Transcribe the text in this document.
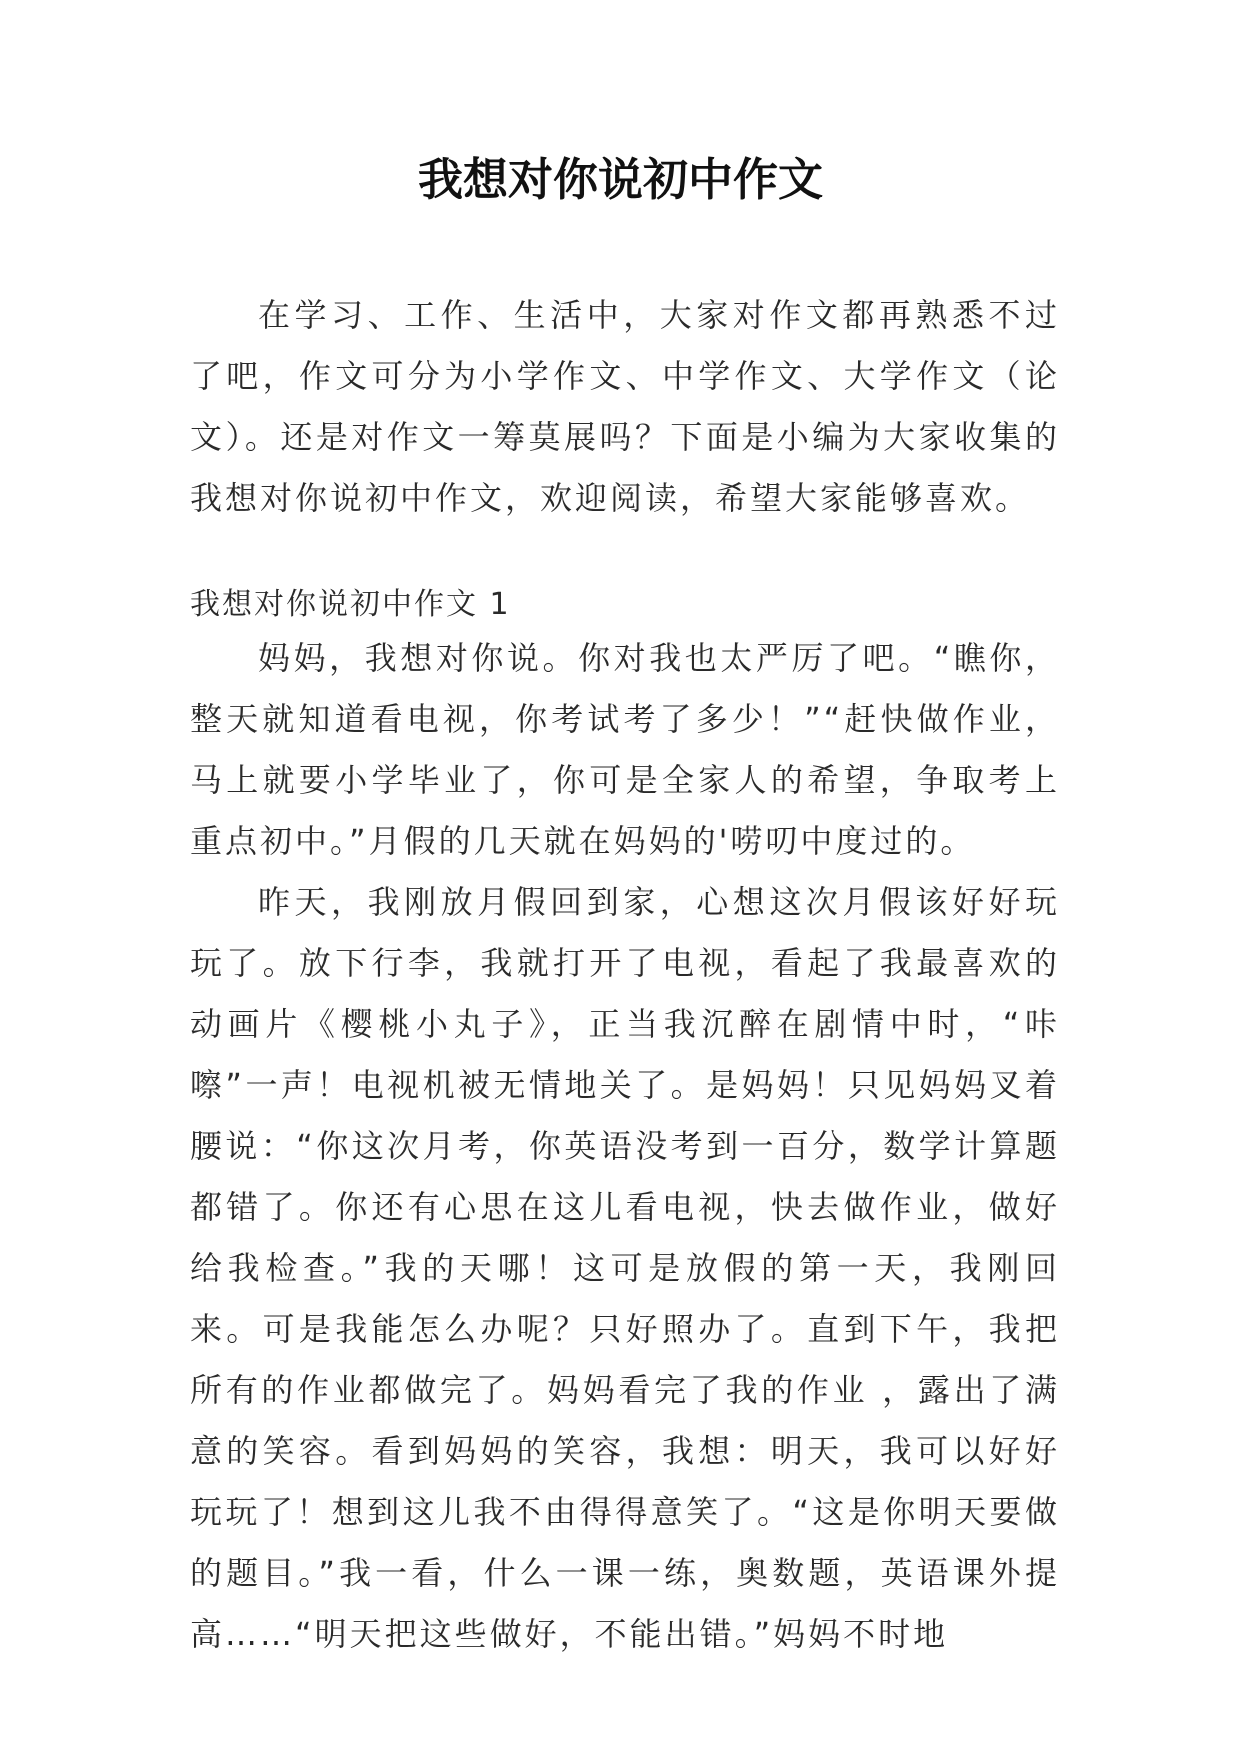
我想对你说初中作文

在学习、工作、生活中，大家对作文都再熟悉不过了吧，作文可分为小学作文、中学作文、大学作文（论文）。还是对作文一筹莫展吗？下面是小编为大家收集的我想对你说初中作文，欢迎阅读，希望大家能够喜欢。

我想对你说初中作文 1

妈妈，我想对你说。你对我也太严厉了吧。“瞧你，整天就知道看电视，你考试考了多少！”“赶快做作业，马上就要小学毕业了，你可是全家人的希望，争取考上重点初中。”月假的几天就在妈妈的'唠叨中度过的。

昨天，我刚放月假回到家，心想这次月假该好好玩玩了。放下行李，我就打开了电视，看起了我最喜欢的动画片《樱桃小丸子》，正当我沉醉在剧情中时，“咔嚓”一声！电视机被无情地关了。是妈妈！只见妈妈叉着腰说：“你这次月考，你英语没考到一百分，数学计算题都错了。你还有心思在这儿看电视，快去做作业，做好给我检查。”我的天哪！这可是放假的第一天，我刚回来。可是我能怎么办呢？只好照办了。直到下午，我把所有的作业都做完了。妈妈看完了我的作业 ，露出了满意的笑容。看到妈妈的笑容，我想：明天，我可以好好玩玩了！想到这儿我不由得得意笑了。“这是你明天要做的题目。”我一看，什么一课一练，奥数题，英语课外提高……“明天把这些做好，不能出错。”妈妈不时地
